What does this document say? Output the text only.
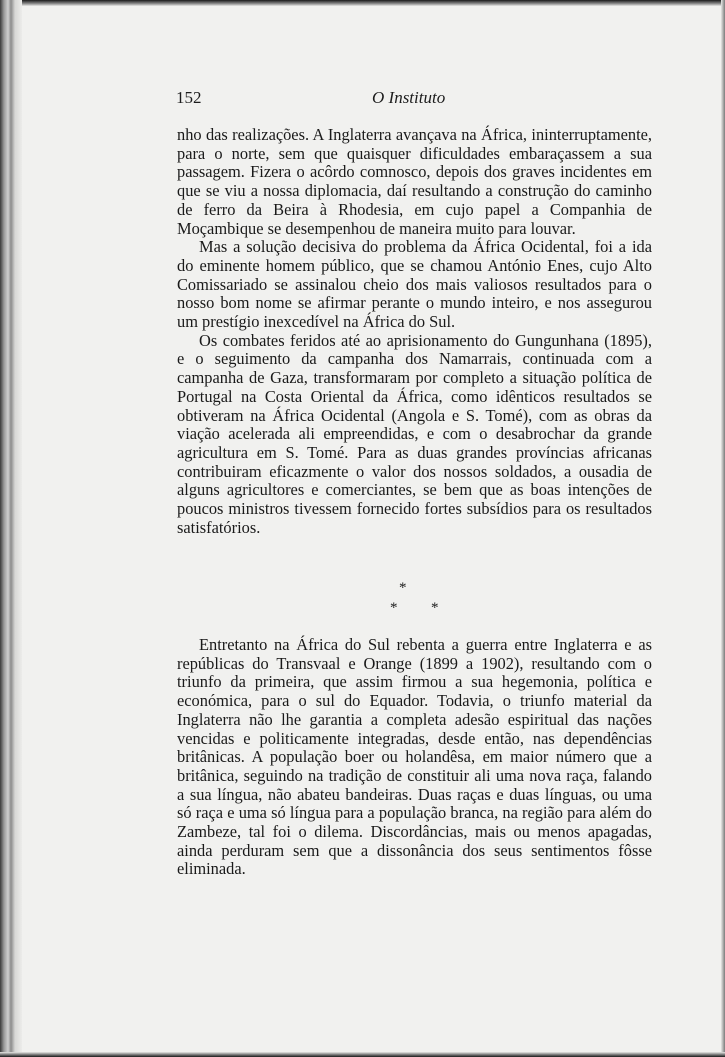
152	O Instituto

nho das realizações. A Inglaterra avançava na África, ininterruptamente, para o norte, sem que quaisquer dificuldades embaraçassem a sua passagem. Fizera o acôrdo comnosco, depois dos graves incidentes em que se viu a nossa diplomacia, daí resultando a construção do caminho de ferro da Beira à Rhodesia, em cujo papel a Companhia de Moçambique se desempenhou de maneira muito para louvar.

Mas a solução decisiva do problema da África Ocidental, foi a ida do eminente homem público, que se chamou António Enes, cujo Alto Comissariado se assinalou cheio dos mais valiosos resultados para o nosso bom nome se afirmar perante o mundo inteiro, e nos assegurou um prestígio inexcedível na África do Sul.

Os combates feridos até ao aprisionamento do Gungunhana (1895), e o seguimento da campanha dos Namarrais, continuada com a campanha de Gaza, transformaram por completo a situação política de Portugal na Costa Oriental da África, como idênticos resultados se obtiveram na África Ocidental (Angola e S. Tomé), com as obras da viação acelerada ali empreendidas, e com o desabrochar da grande agricultura em S. Tomé. Para as duas grandes províncias africanas contribuiram eficazmente o valor dos nossos soldados, a ousadia de alguns agricultores e comerciantes, se bem que as boas intenções de poucos ministros tivessem fornecido fortes subsídios para os resultados satisfatórios.

*
* *

Entretanto na África do Sul rebenta a guerra entre Inglaterra e as repúblicas do Transvaal e Orange (1899 a 1902), resultando com o triunfo da primeira, que assim firmou a sua hegemonia, política e económica, para o sul do Equador. Todavia, o triunfo material da Inglaterra não lhe garantia a completa adesão espiritual das nações vencidas e politicamente integradas, desde então, nas dependências britânicas. A população boer ou holandêsa, em maior número que a britânica, seguindo na tradição de constituir ali uma nova raça, falando a sua língua, não abateu bandeiras. Duas raças e duas línguas, ou uma só raça e uma só língua para a população branca, na região para além do Zambeze, tal foi o dilema. Discordâncias, mais ou menos apagadas, ainda perduram sem que a dissonância dos seus sentimentos fôsse eliminada.
